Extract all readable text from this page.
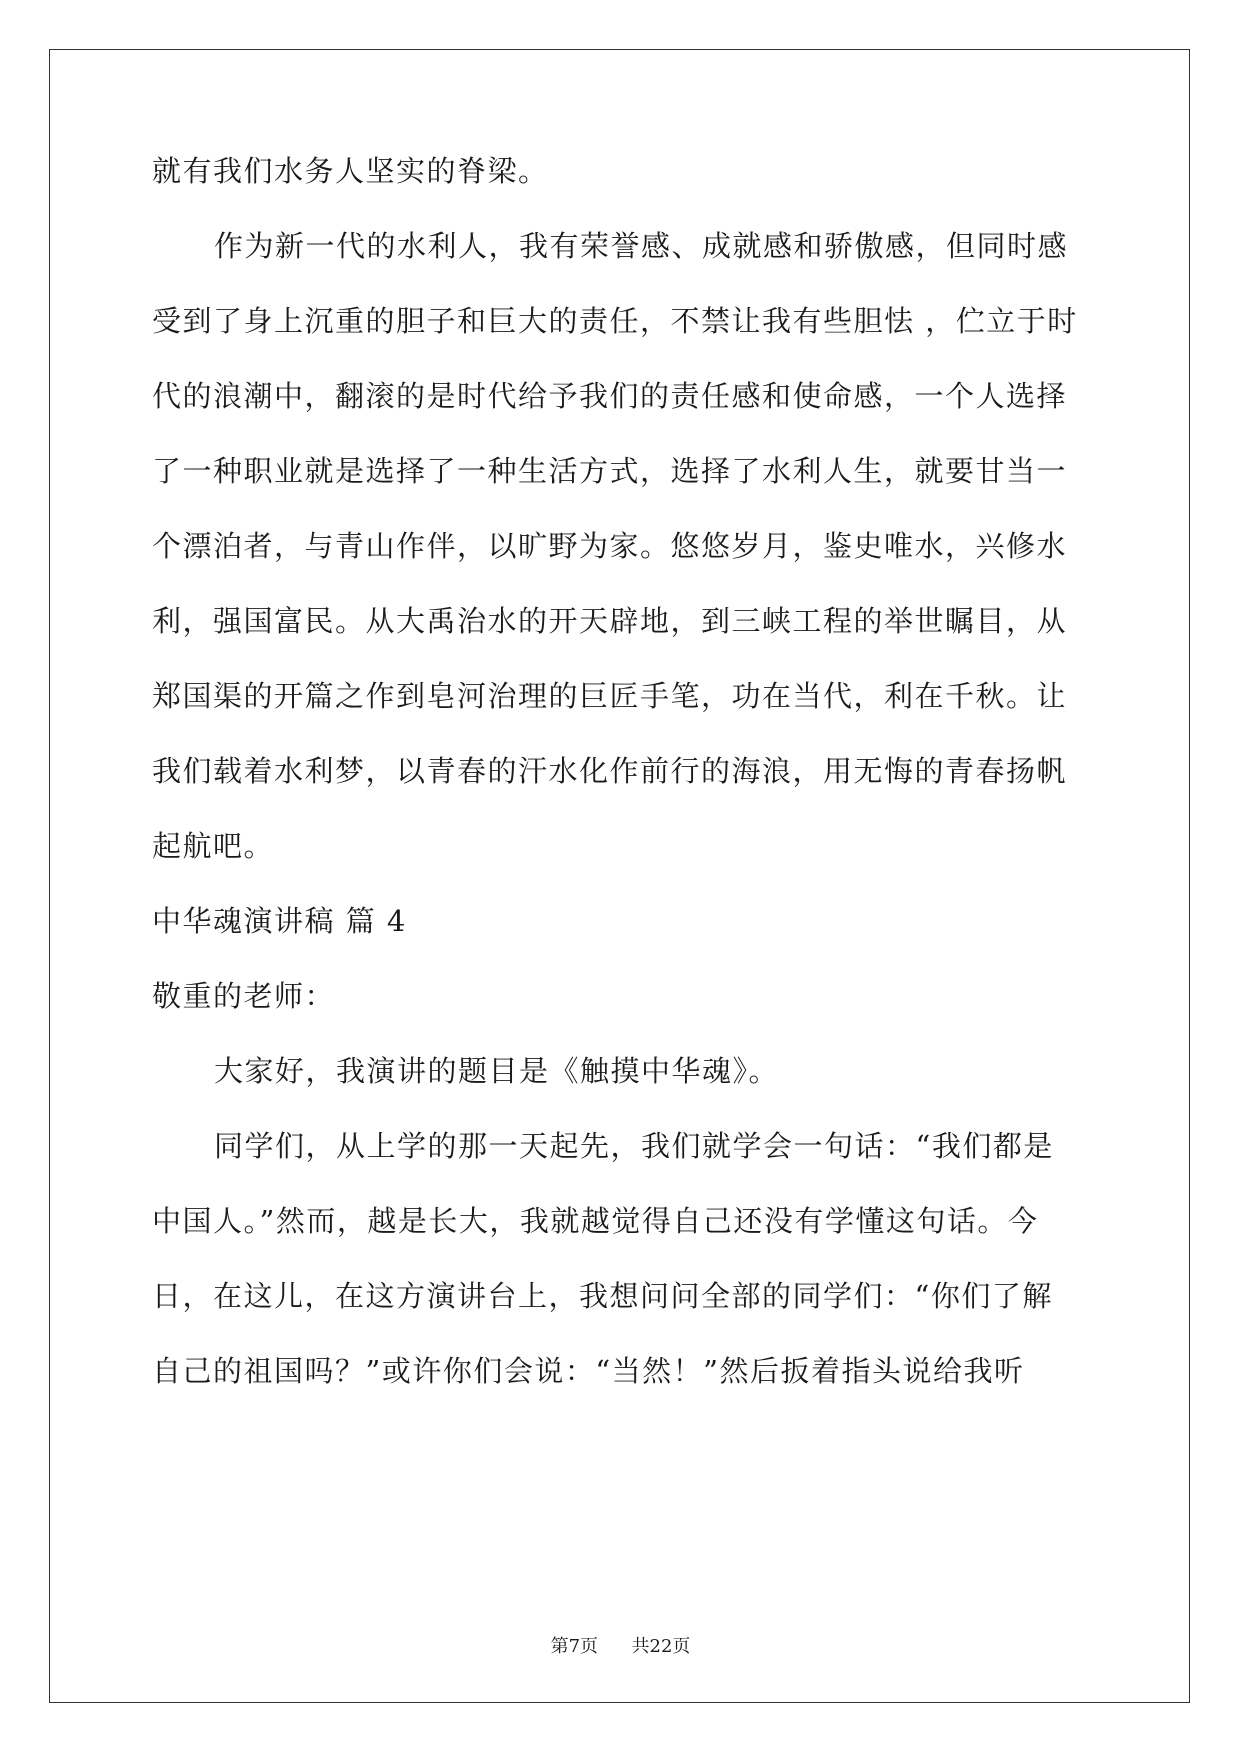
就有我们水务人坚实的脊梁。
作为新一代的水利人，我有荣誉感、成就感和骄傲感，但同时感
受到了身上沉重的胆子和巨大的责任，不禁让我有些胆怯 ，伫立于时
代的浪潮中，翻滚的是时代给予我们的责任感和使命感，一个人选择
了一种职业就是选择了一种生活方式，选择了水利人生，就要甘当一
个漂泊者，与青山作伴，以旷野为家。悠悠岁月，鉴史唯水，兴修水
利，强国富民。从大禹治水的开天辟地，到三峡工程的举世瞩目，从
郑国渠的开篇之作到皂河治理的巨匠手笔，功在当代，利在千秋。让
我们载着水利梦，以青春的汗水化作前行的海浪，用无悔的青春扬帆
起航吧。
中华魂演讲稿 篇 4
敬重的老师：
大家好，我演讲的题目是《触摸中华魂》。
同学们，从上学的那一天起先，我们就学会一句话：“我们都是
中国人。”然而，越是长大，我就越觉得自己还没有学懂这句话。今
日，在这儿，在这方演讲台上，我想问问全部的同学们：“你们了解
自己的祖国吗？”或许你们会说：“当然！”然后扳着指头说给我听
第7页 共22页
